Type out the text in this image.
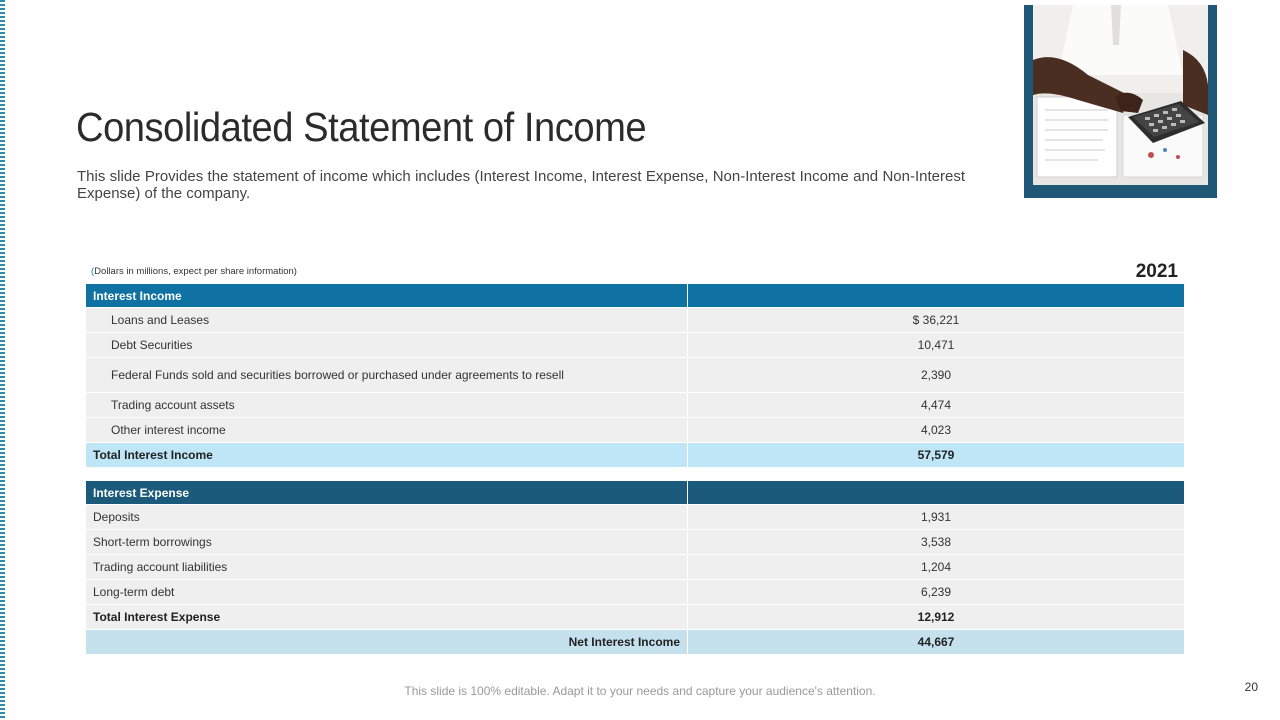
Consolidated Statement of Income

This slide Provides the statement of income which includes (Interest Income, Interest Expense, Non-Interest Income and Non-Interest Expense) of the company.

(Dollars in millions, expect per share information)	2021
Interest Income	
Loans and Leases	$ 36,221
Debt Securities	10,471
Federal Funds sold and securities borrowed or purchased under agreements to resell	2,390
Trading account assets	4,474
Other interest income	4,023
Total Interest Income	57,579

Interest Expense	
Deposits	1,931
Short-term borrowings	3,538
Trading account liabilities	1,204
Long-term debt	6,239
Total Interest Expense	12,912
Net Interest Income	44,667
This slide is 100% editable. Adapt it to your needs and capture your audience's attention.	20
